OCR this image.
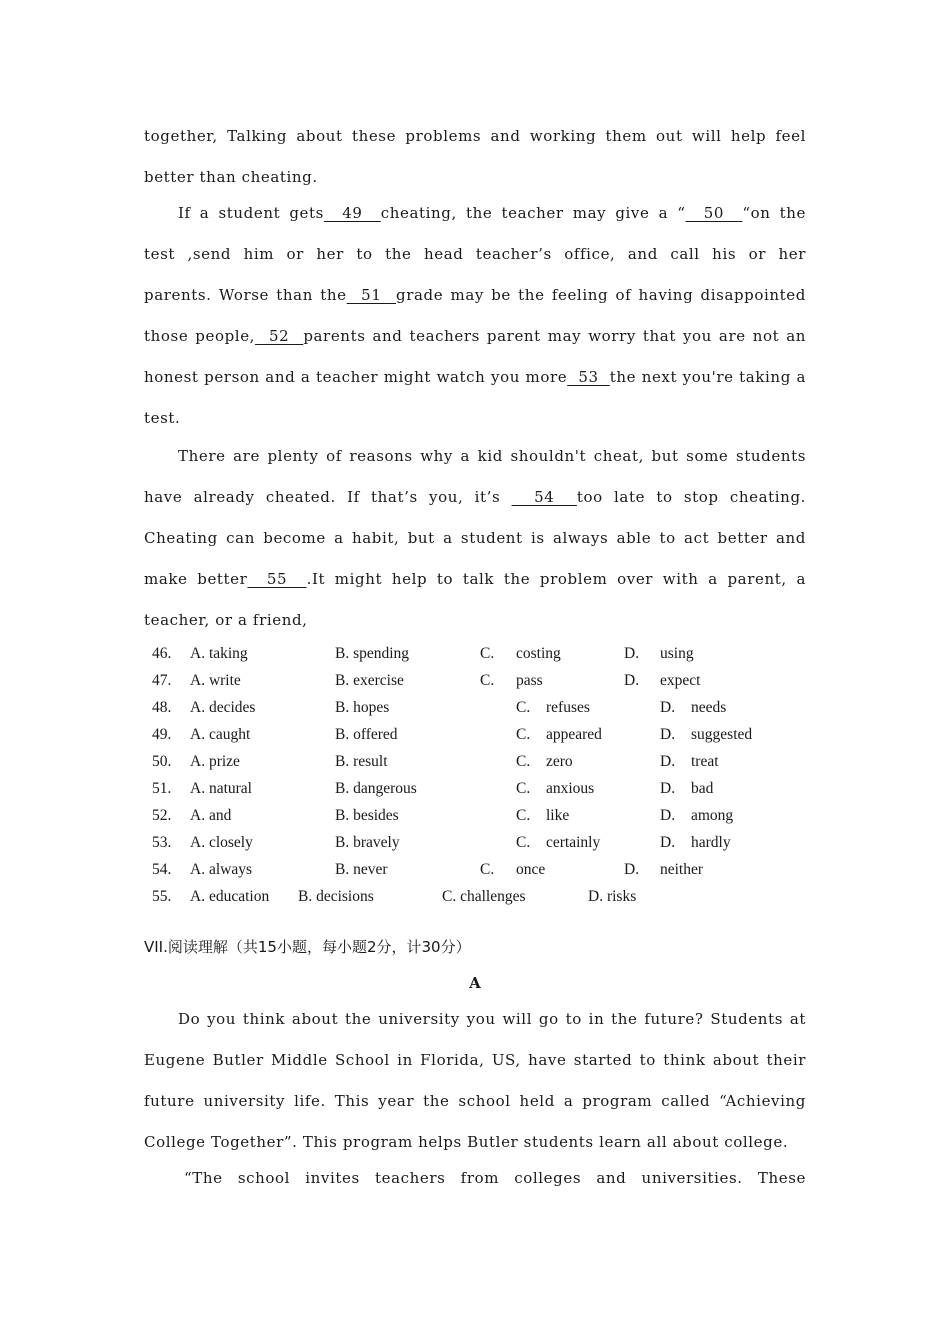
together, Talking about these problems and working them out will help feel
better than cheating.
If a student gets  49  cheating, the teacher may give a “  50  “on the
test ,send him or her to the head teacher’s office, and call his or her
parents. Worse than the  51  grade may be the feeling of having disappointed
those people,  52  parents and teachers parent may worry that you are not an
honest person and a teacher might watch you more  53  the next you're taking a
test.
There are plenty of reasons why a kid shouldn't cheat, but some students
have already cheated. If that’s you, it’s   54  too late to stop cheating.
Cheating can become a habit, but a student is always able to act better and
make better  55  .It might help to talk the problem over with a parent, a
teacher, or a friend,
46. A. taking	B. spending	C. costing	D. using
47. A. write	B. exercise	C. pass	D. expect
48. A. decides	B. hopes	C. refuses	D. needs
49. A. caught	B. offered	C. appeared	D. suggested
50. A. prize	B. result	C. zero	D. treat
51. A. natural	B. dangerous	C. anxious	D. bad
52. A. and	B. besides	C. like	D. among
53. A. closely	B. bravely	C. certainly	D. hardly
54. A. always	B. never	C. once	D. neither
55. A. education B. decisions	C. challenges	D. risks
VII.阅读理解（共15小题，每小题2分，计30分）
A
Do you think about the university you will go to in the future? Students at
Eugene Butler Middle School in Florida, US, have started to think about their
future university life. This year the school held a program called “Achieving
College Together”. This program helps Butler students learn all about college.
“The school invites teachers from colleges and universities. These
